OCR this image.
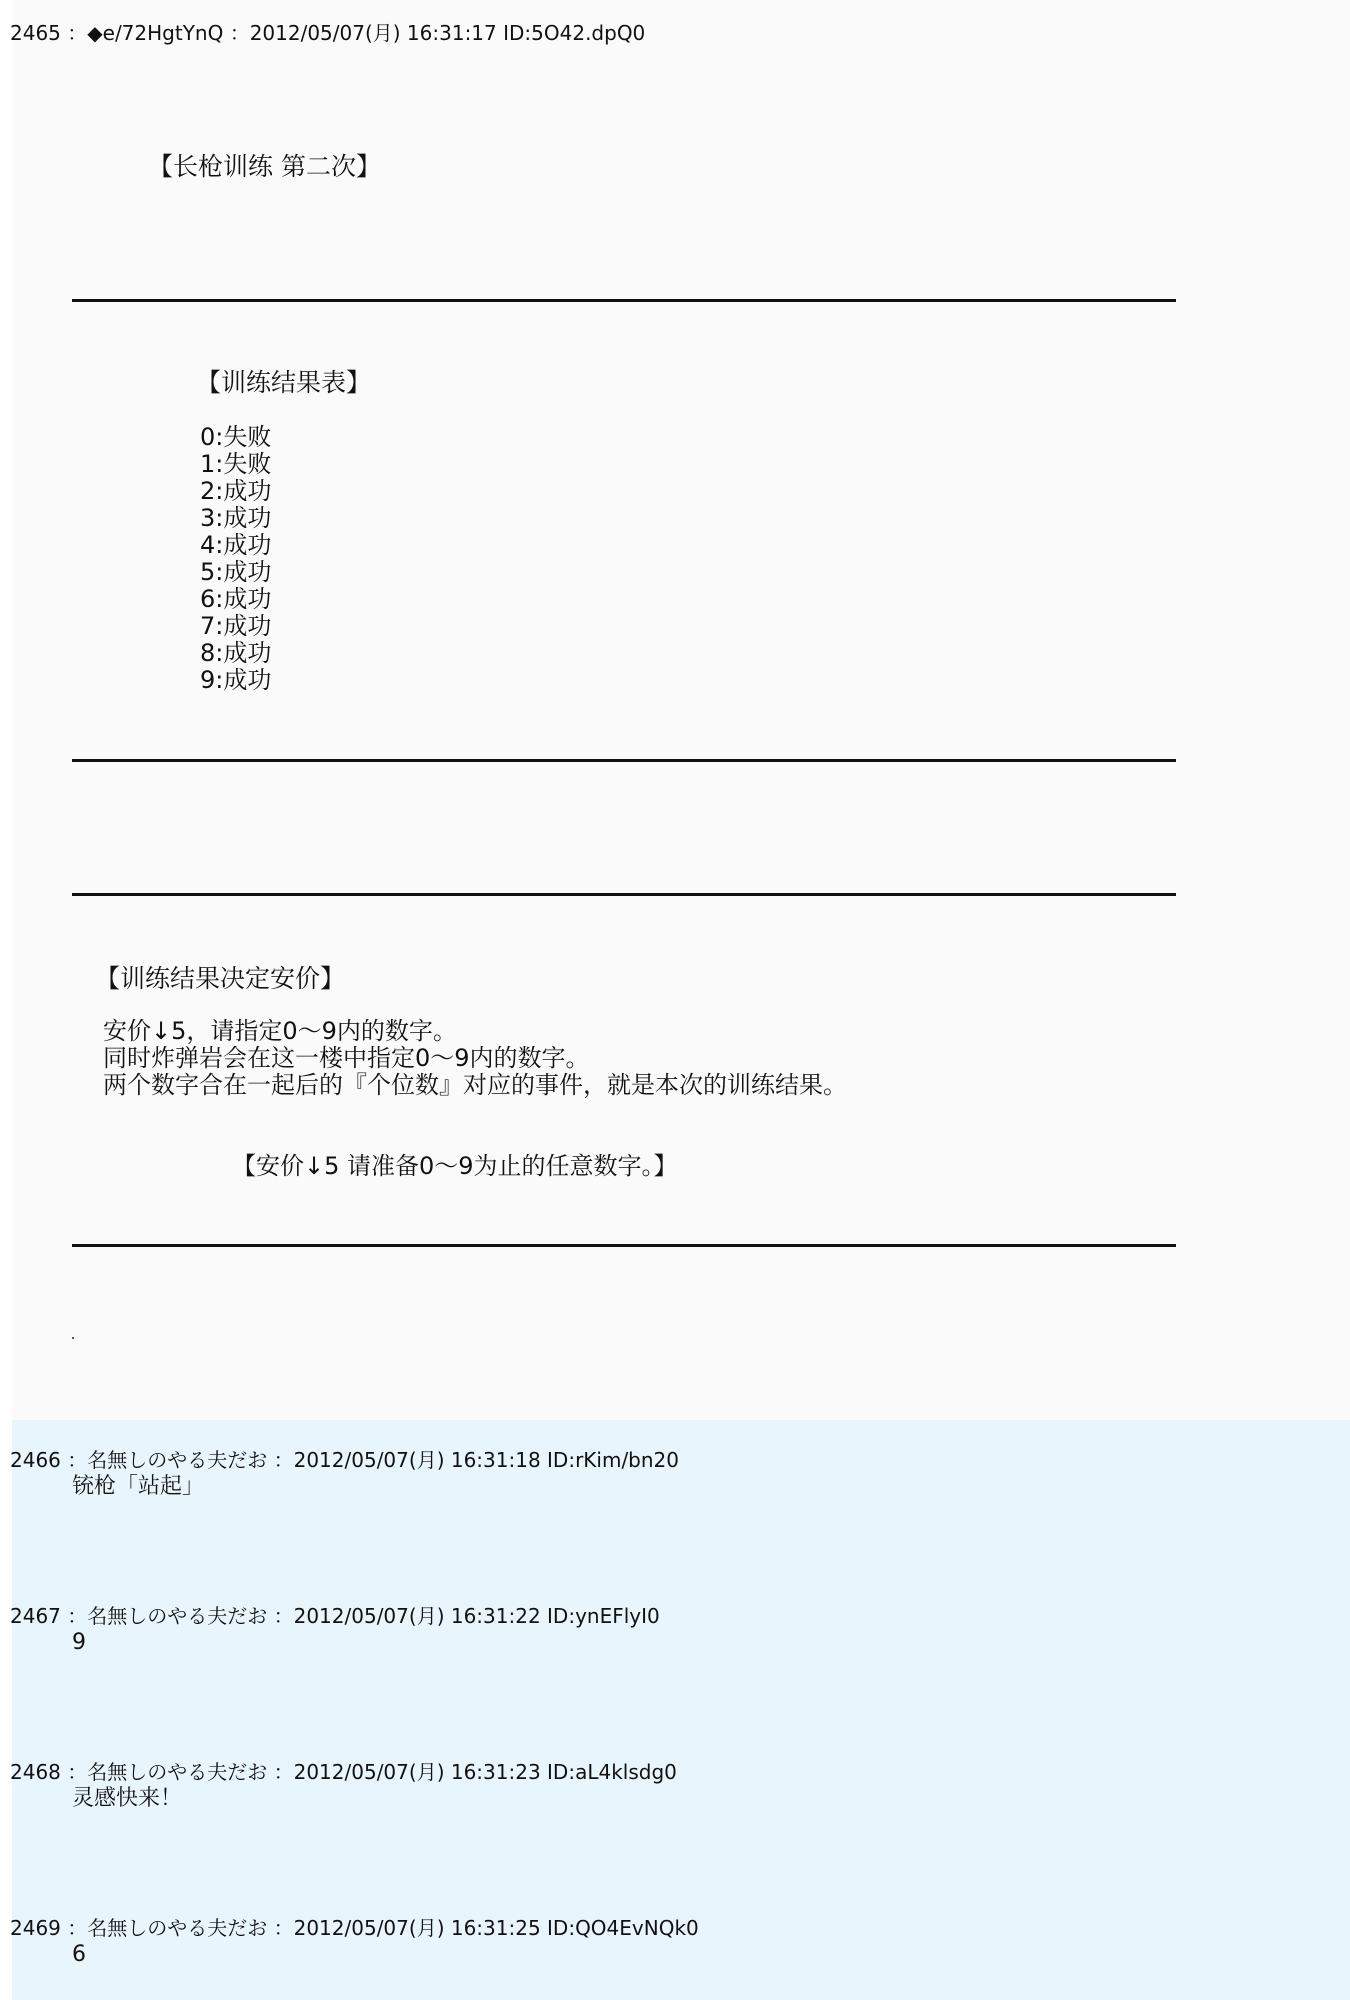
2465 ：◆e/72HgtYnQ ：2012/05/07(月) 16:31:17 ID:5O42.dpQ0
【长枪训练 第二次】
【训练结果表】
0:失败
1:失败
2:成功
3:成功
4:成功
5:成功
6:成功
7:成功
8:成功
9:成功
【训练结果决定安价】
安价↓5，请指定0～9内的数字。
同时炸弹岩会在这一楼中指定0～9内的数字。
两个数字合在一起后的『个位数』对应的事件，就是本次的训练结果。
【安价↓5 请准备0～9为止的任意数字。】
2466 ：名無しのやる夫だお ：2012/05/07(月) 16:31:18 ID:rKim/bn20
铳枪「站起」
2467 ：名無しのやる夫だお ：2012/05/07(月) 16:31:22 ID:ynEFlyI0
9
2468 ：名無しのやる夫だお ：2012/05/07(月) 16:31:23 ID:aL4klsdg0
灵感快来！
2469 ：名無しのやる夫だお ：2012/05/07(月) 16:31:25 ID:QO4EvNQk0
6
